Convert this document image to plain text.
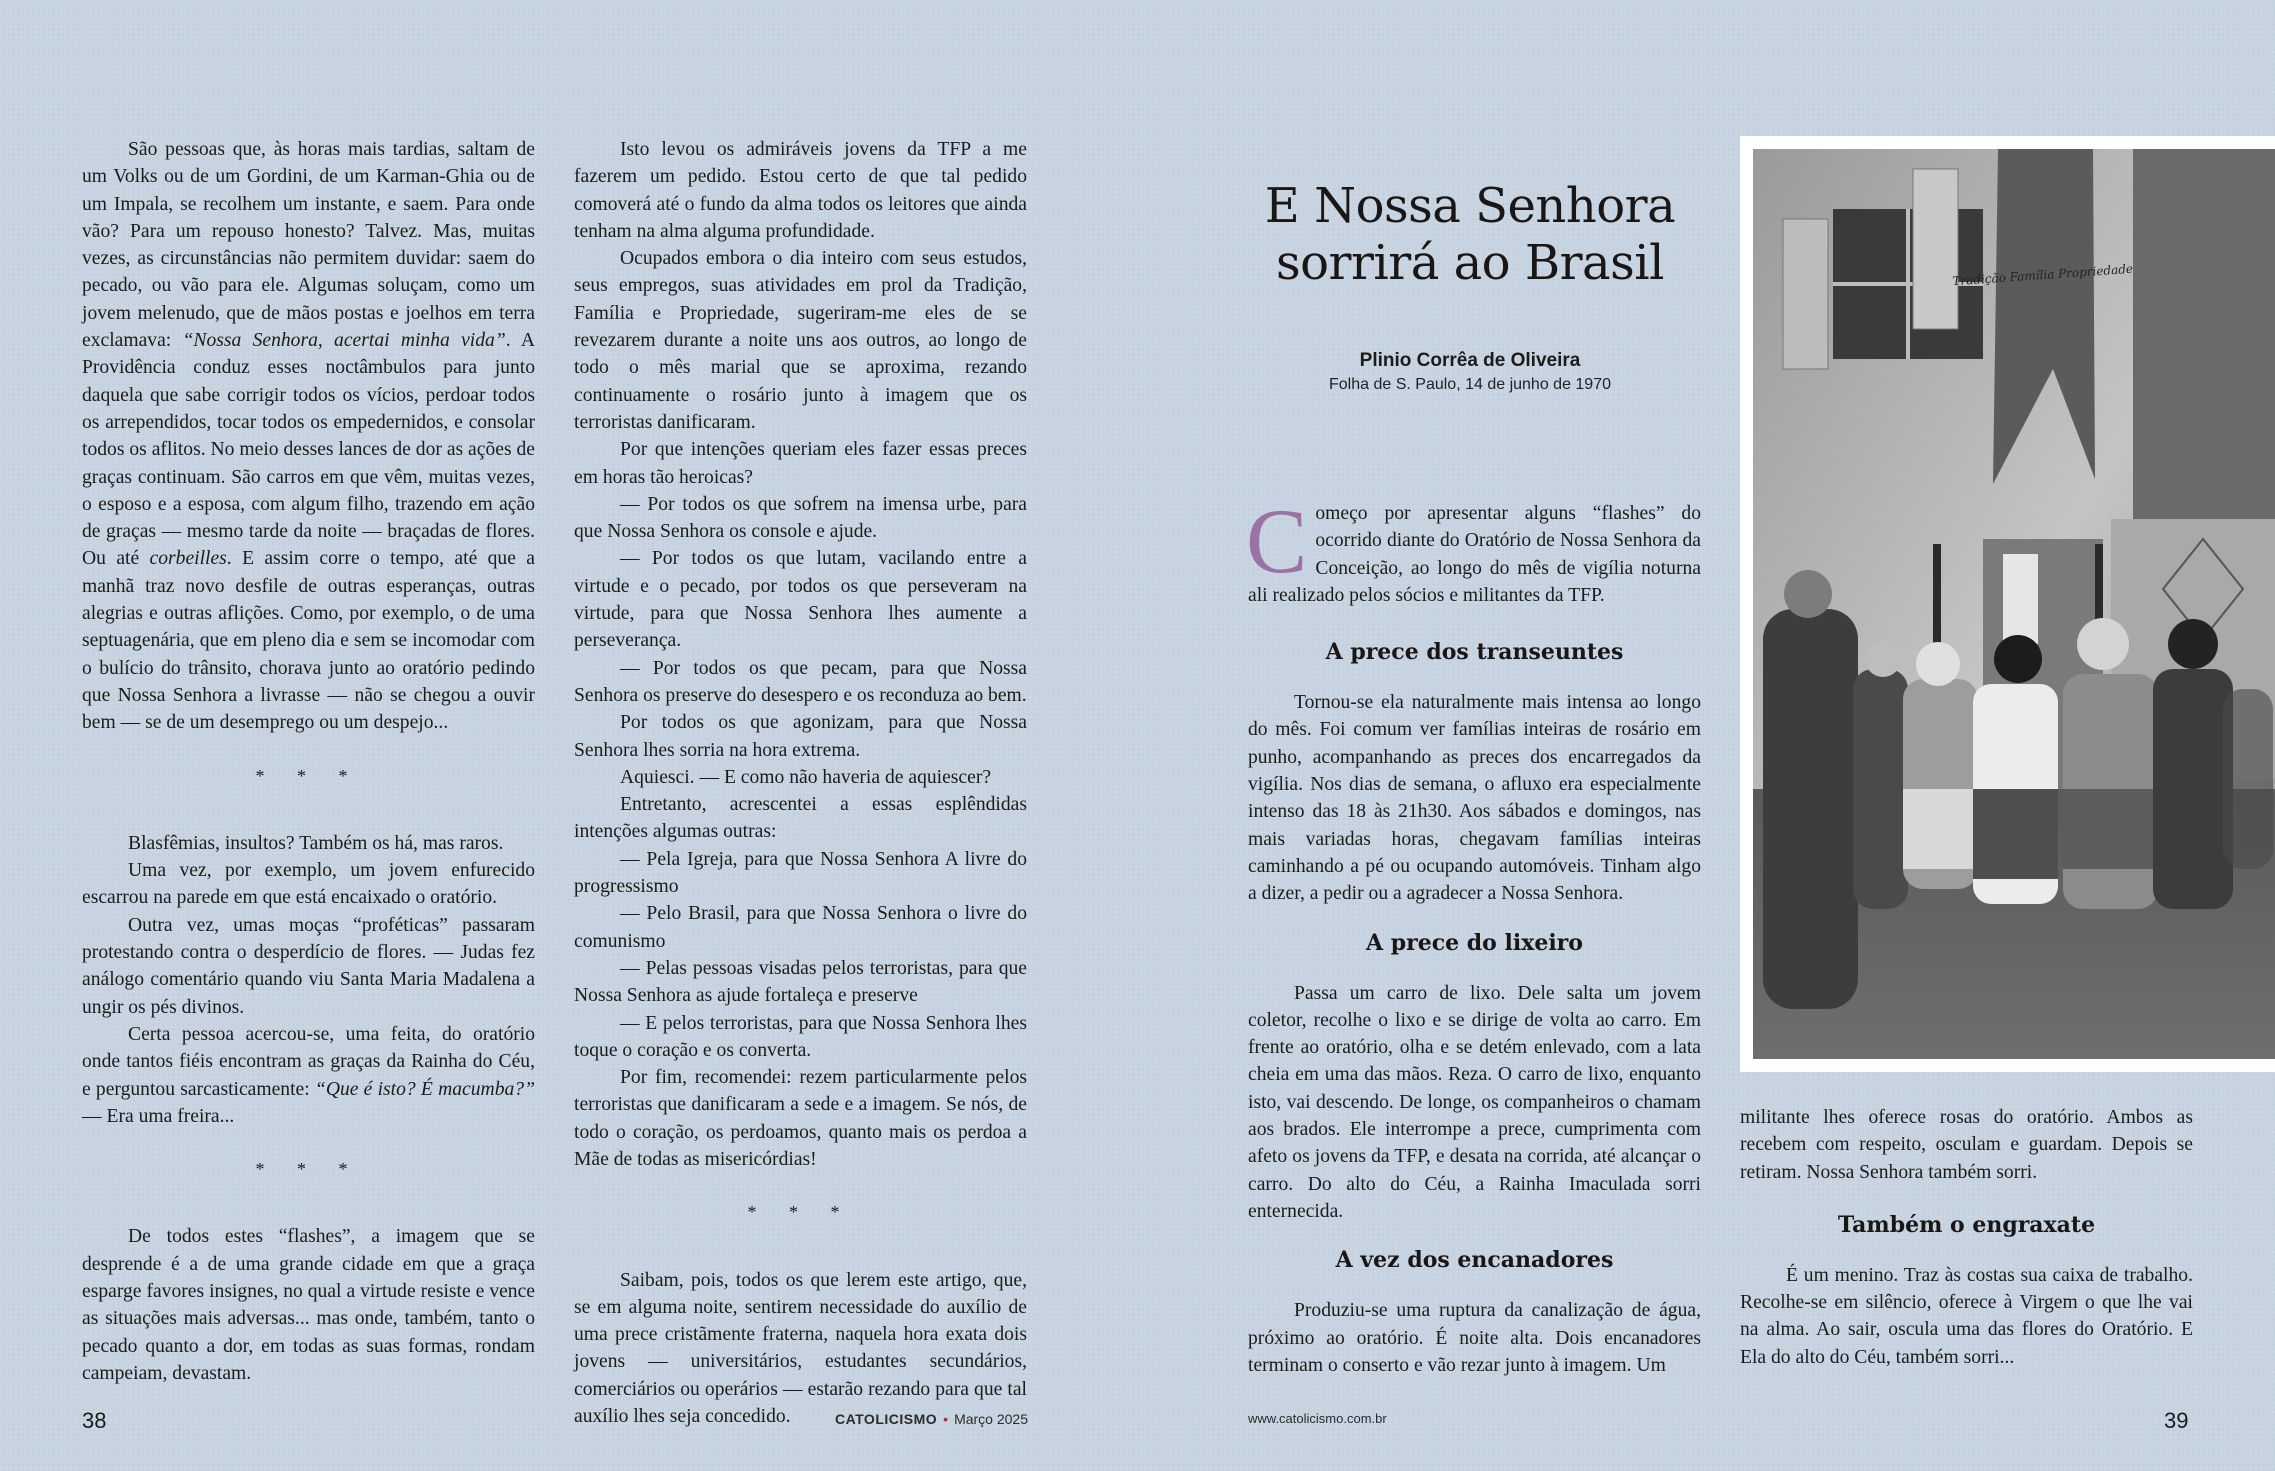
São pessoas que, às horas mais tardias, saltam de um Volks ou de um Gordini, de um Karman-Ghia ou de um Impala, se recolhem um instante, e saem. Para onde vão? Para um repouso honesto? Talvez. Mas, muitas vezes, as circunstâncias não permitem duvidar: saem do pecado, ou vão para ele. Algumas soluçam, como um jovem melenudo, que de mãos postas e joelhos em terra exclamava: “Nossa Senhora, acertai minha vida”. A Providência conduz esses noctâmbulos para junto daquela que sabe corrigir todos os vícios, perdoar todos os arrependidos, tocar todos os empedernidos, e consolar todos os aflitos. No meio desses lances de dor as ações de graças continuam. São carros em que vêm, muitas vezes, o esposo e a esposa, com algum filho, trazendo em ação de graças — mesmo tarde da noite — braçadas de flores. Ou até corbeilles. E assim corre o tempo, até que a manhã traz novo desfile de outras esperanças, outras alegrias e outras aflições. Como, por exemplo, o de uma septuagenária, que em pleno dia e sem se incomodar com o bulício do trânsito, chorava junto ao oratório pedindo que Nossa Senhora a livrasse — não se chegou a ouvir bem — se de um desemprego ou um despejo...

* * *

Blasfêmias, insultos? Também os há, mas raros.

Uma vez, por exemplo, um jovem enfurecido escarrou na parede em que está encaixado o oratório.

Outra vez, umas moças “proféticas” passaram protestando contra o desperdício de flores. — Judas fez análogo comentário quando viu Santa Maria Madalena a ungir os pés divinos.

Certa pessoa acercou-se, uma feita, do oratório onde tantos fiéis encontram as graças da Rainha do Céu, e perguntou sarcasticamente: “Que é isto? É macumba?” — Era uma freira...

* * *

De todos estes “flashes”, a imagem que se desprende é a de uma grande cidade em que a graça esparge favores insignes, no qual a virtude resiste e vence as situações mais adversas... mas onde, também, tanto o pecado quanto a dor, em todas as suas formas, rondam campeiam, devastam.

Isto levou os admiráveis jovens da TFP a me fazerem um pedido. Estou certo de que tal pedido comoverá até o fundo da alma todos os leitores que ainda tenham na alma alguma profundidade.

Ocupados embora o dia inteiro com seus estudos, seus empregos, suas atividades em prol da Tradição, Família e Propriedade, sugeriram-me eles de se revezarem durante a noite uns aos outros, ao longo de todo o mês marial que se aproxima, rezando continuamente o rosário junto à imagem que os terroristas danificaram.

Por que intenções queriam eles fazer essas preces em horas tão heroicas?

— Por todos os que sofrem na imensa urbe, para que Nossa Senhora os console e ajude.

— Por todos os que lutam, vacilando entre a virtude e o pecado, por todos os que perseveram na virtude, para que Nossa Senhora lhes aumente a perseverança.

— Por todos os que pecam, para que Nossa Senhora os preserve do desespero e os reconduza ao bem.

Por todos os que agonizam, para que Nossa Senhora lhes sorria na hora extrema.

Aquiesci. — E como não haveria de aquiescer?

Entretanto, acrescentei a essas esplêndidas intenções algumas outras:

— Pela Igreja, para que Nossa Senhora A livre do progressismo

— Pelo Brasil, para que Nossa Senhora o livre do comunismo

— Pelas pessoas visadas pelos terroristas, para que Nossa Senhora as ajude fortaleça e preserve

— E pelos terroristas, para que Nossa Senhora lhes toque o coração e os converta.

Por fim, recomendei: rezem particularmente pelos terroristas que danificaram a sede e a imagem. Se nós, de todo o coração, os perdoamos, quanto mais os perdoa a Mãe de todas as misericórdias!

* * *

Saibam, pois, todos os que lerem este artigo, que, se em alguma noite, sentirem necessidade do auxílio de uma prece cristãmente fraterna, naquela hora exata dois jovens — universitários, estudantes secundários, comerciários ou operários — estarão rezando para que tal auxílio lhes seja concedido.

38	CATOLICISMO • Março 2025
E Nossa Senhora sorrirá ao Brasil
Plinio Corrêa de Oliveira
Folha de S. Paulo, 14 de junho de 1970

Começo por apresentar alguns “flashes” do ocorrido diante do Oratório de Nossa Senhora da Conceição, ao longo do mês de vigília noturna ali realizado pelos sócios e militantes da TFP.

A prece dos transeuntes

Tornou-se ela naturalmente mais intensa ao longo do mês. Foi comum ver famílias inteiras de rosário em punho, acompanhando as preces dos encarregados da vigília. Nos dias de semana, o afluxo era especialmente intenso das 18 às 21h30. Aos sábados e domingos, nas mais variadas horas, chegavam famílias inteiras caminhando a pé ou ocupando automóveis. Tinham algo a dizer, a pedir ou a agradecer a Nossa Senhora.

A prece do lixeiro

Passa um carro de lixo. Dele salta um jovem coletor, recolhe o lixo e se dirige de volta ao carro. Em frente ao oratório, olha e se detém enlevado, com a lata cheia em uma das mãos. Reza. O carro de lixo, enquanto isto, vai descendo. De longe, os companheiros o chamam aos brados. Ele interrompe a prece, cumprimenta com afeto os jovens da TFP, e desata na corrida, até alcançar o carro. Do alto do Céu, a Rainha Imaculada sorri enternecida.

A vez dos encanadores

Produziu-se uma ruptura da canalização de água, próximo ao oratório. É noite alta. Dois encanadores terminam o conserto e vão rezar junto à imagem. Um

Tradição Família Propriedade

militante lhes oferece rosas do oratório. Ambos as recebem com respeito, osculam e guardam. Depois se retiram. Nossa Senhora também sorri.

Também o engraxate

É um menino. Traz às costas sua caixa de trabalho. Recolhe-se em silêncio, oferece à Virgem o que lhe vai na alma. Ao sair, oscula uma das flores do Oratório. E Ela do alto do Céu, também sorri...

www.catolicismo.com.br	39
